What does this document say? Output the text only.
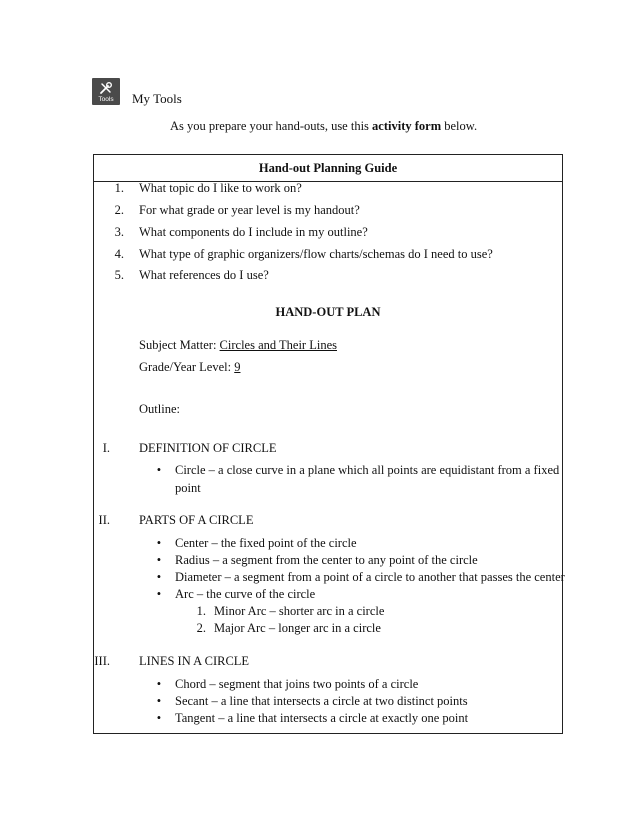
Tools	My Tools
As you prepare your hand-outs, use this activity form below.
Hand-out Planning Guide
1. What topic do I like to work on?
2. For what grade or year level is my handout?
3. What components do I include in my outline?
4. What type of graphic organizers/flow charts/schemas do I need to use?
5. What references do I use?
HAND-OUT PLAN
Subject Matter: Circles and Their Lines
Grade/Year Level: 9
Outline:
I. DEFINITION OF CIRCLE
• Circle – a close curve in a plane which all points are equidistant from a fixed
point
II. PARTS OF A CIRCLE
• Center – the fixed point of the circle
• Radius – a segment from the center to any point of the circle
• Diameter – a segment from a point of a circle to another that passes the center
• Arc – the curve of the circle
1. Minor Arc – shorter arc in a circle
2. Major Arc – longer arc in a circle
III. LINES IN A CIRCLE
• Chord – segment that joins two points of a circle
• Secant – a line that intersects a circle at two distinct points
• Tangent – a line that intersects a circle at exactly one point
